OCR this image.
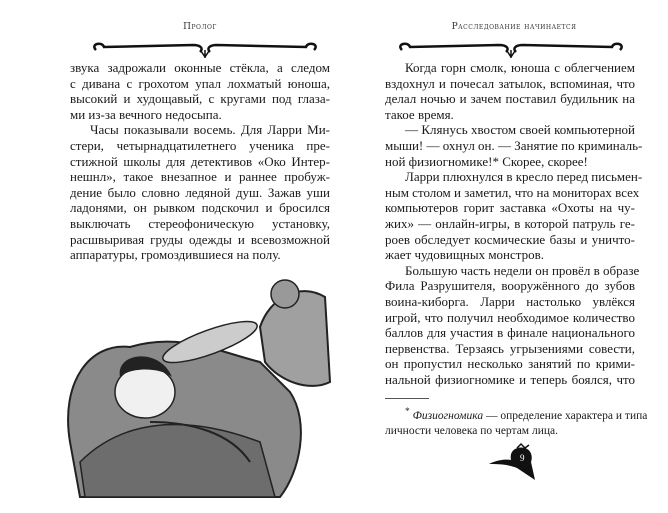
Пролог
звука задрожали оконные стёкла, а следом
с дивана с грохотом упал лохматый юноша,
высокий и худощавый, с кругами под глаза-
ми из-за вечного недосыпа.
Часы показывали восемь. Для Ларри Ми-
стери, четырнадцатилетнего ученика пре-
стижной школы для детективов «Око Интер-
нешнл», такое внезапное и раннее пробуж-
дение было словно ледяной душ. Зажав уши
ладонями, он рывком подскочил и бросился
выключать стереофоническую установку,
расшвыривая груды одежды и всевозможной
аппаратуры, громоздившиеся на полу.
Расследование начинается
Когда горн смолк, юноша с облегчением
вздохнул и почесал затылок, вспоминая, что
делал ночью и зачем поставил будильник на
такое время.
— Клянусь хвостом своей компьютерной
мыши! — охнул он. — Занятие по криминаль-
ной физиогномике!* Скорее, скорее!
Ларри плюхнулся в кресло перед письмен-
ным столом и заметил, что на мониторах всех
компьютеров горит заставка «Охоты на чу-
жих» — онлайн-игры, в которой патруль ге-
роев обследует космические базы и уничто-
жает чудовищных монстров.
Большую часть недели он провёл в образе
Фила Разрушителя, вооружённого до зубов
воина-киборга. Ларри настолько увлёкся
игрой, что получил необходимое количество
баллов для участия в финале национального
первенства. Терзаясь угрызениями совести,
он пропустил несколько занятий по крими-
нальной физиогномике и теперь боялся, что
* Физиогномика — определение характера и типа
личности человека по чертам лица.
9
